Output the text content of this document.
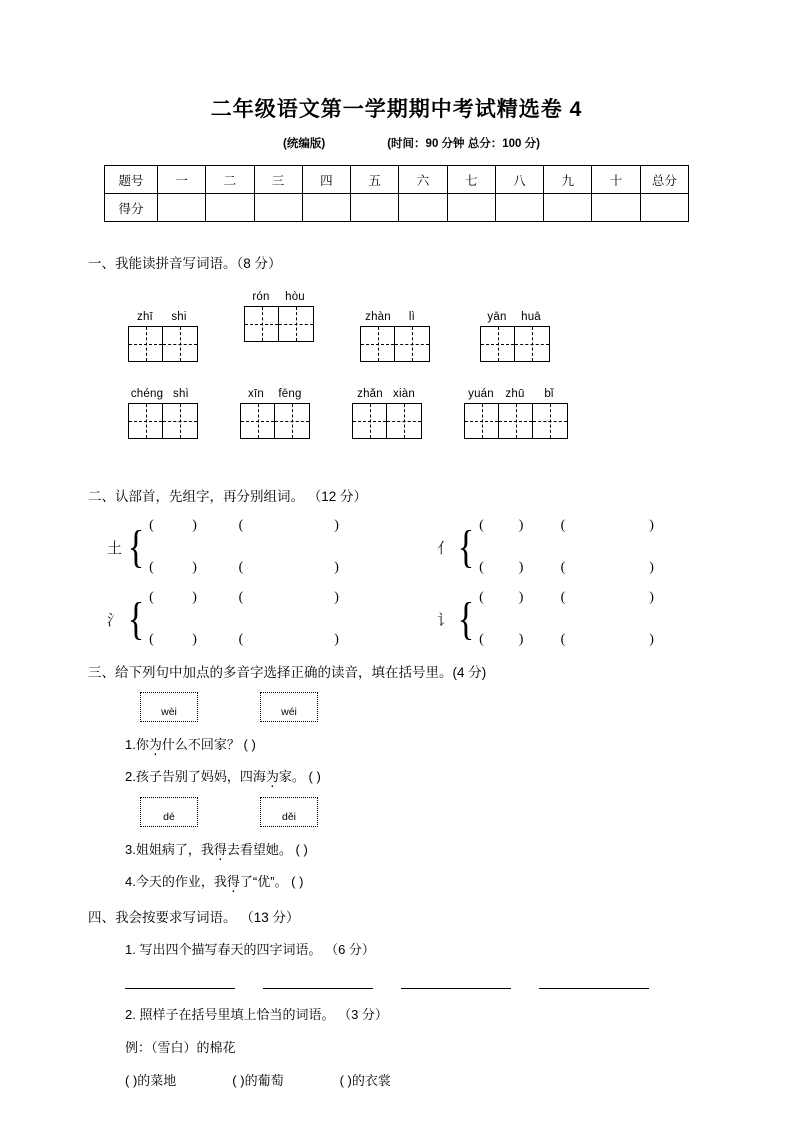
二年级语文第一学期期中考试精选卷 4
(统编版)	(时间：90 分钟 总分：100 分)
题号	一	二	三	四	五	六	七	八	九	十	总分
得分											
一、我能读拼音写词语。（8 分）
zhī	shi
rón	hòu
zhàn	lì	yān	huā
chéng shì	xīn	fēng	zhǎn xiàn	yuán	zhū	bǐ
二、认部首，先组字，再分别组词。 （12 分）
土 { (           )	(                          )
(           )	(                          )
亻 { (          )	(                        )
(          )	(                        )
氵 { (           )	(                          )
(           )	(                          )
讠 { (          )	(                        )
(          )	(                        )
三、给下列句中加点的多音字选择正确的读音，填在括号里。(4 分)
wèi	wéi
1.你为什么不回家？ ( )
2.孩子告别了妈妈，四海为家。 ( )
dé	děi
3.姐姐病了，我得去看望她。 ( )
4.今天的作业，我得了“优”。 ( )
四、我会按要求写词语。 （13 分）
1. 写出四个描写春天的四字词语。 （6 分）
2. 照样子在括号里填上恰当的词语。 （3 分）
例：（雪白）的棉花
( )的菜地	( )的葡萄	( )的衣裳
